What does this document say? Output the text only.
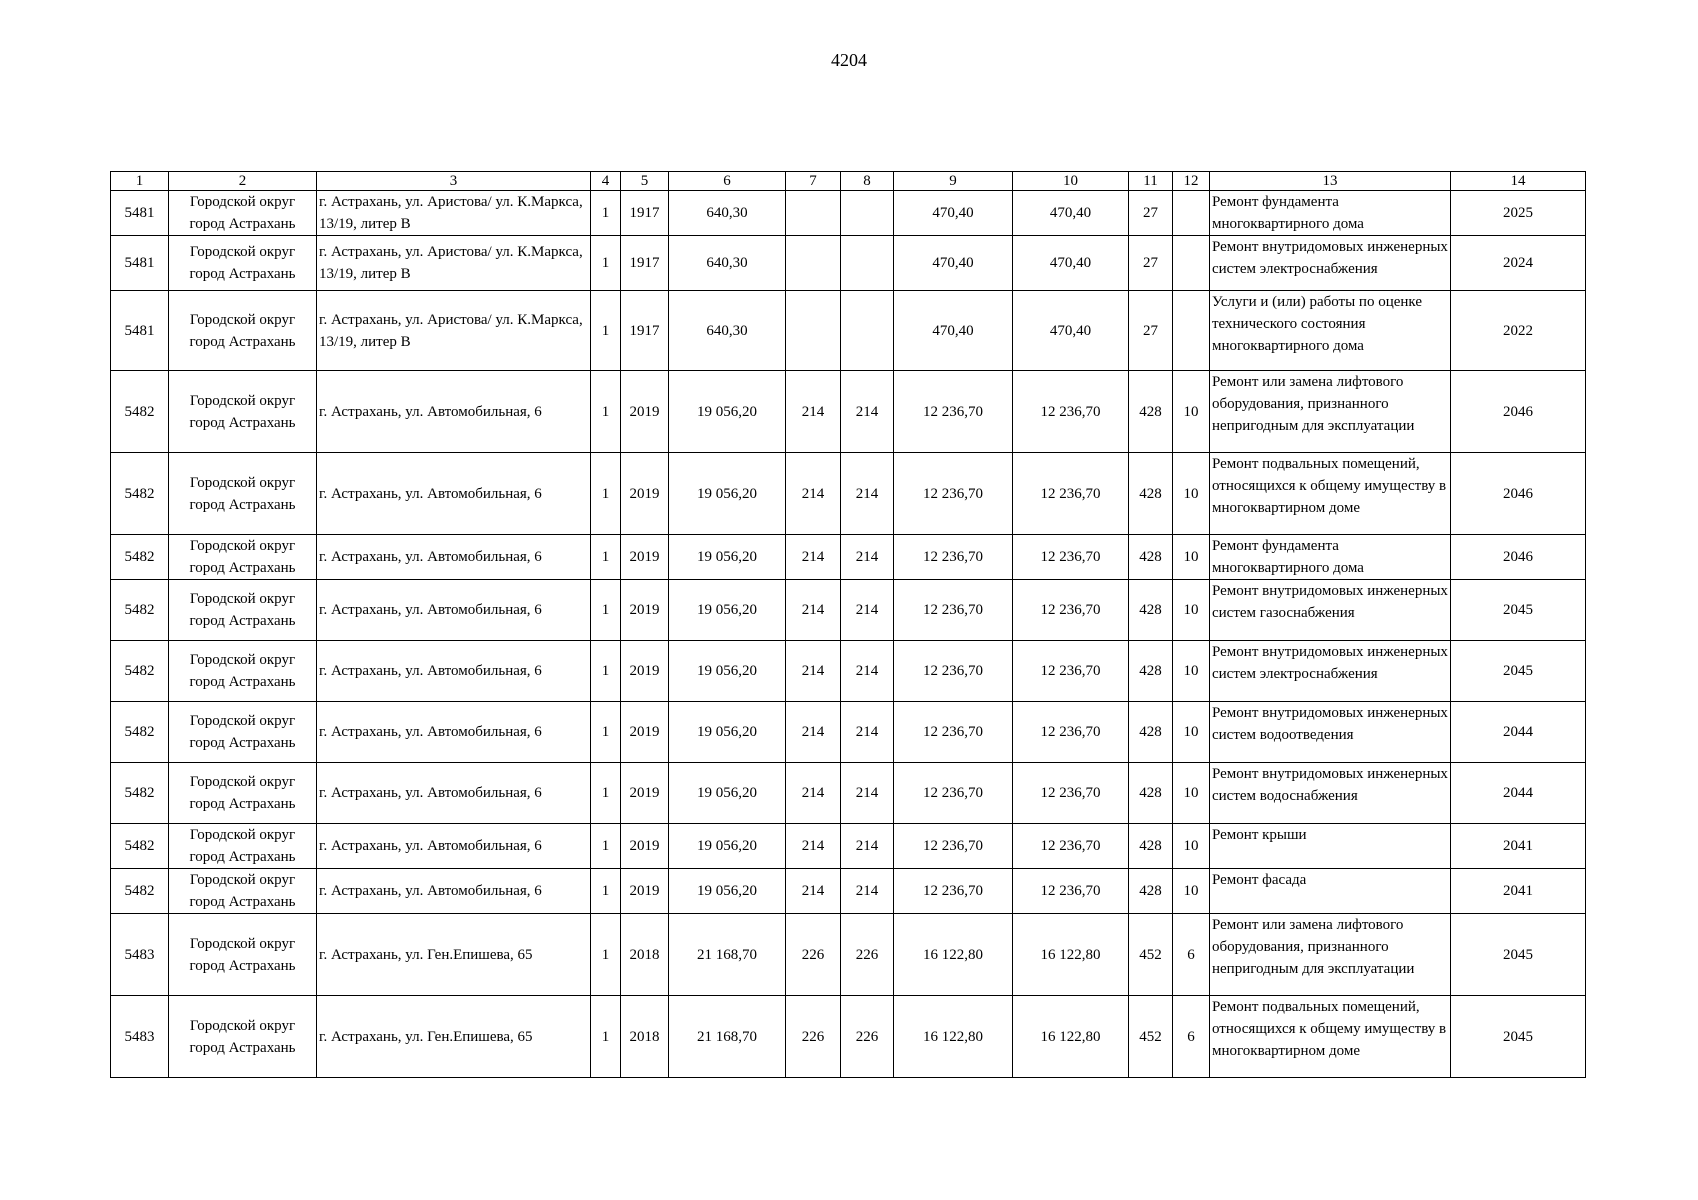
4204
1	2	3	4	5	6	7	8	9	10	11	12	13	14
5481	Городской округ город Астрахань	г. Астрахань, ул. Аристова/ ул. К.Маркса, 13/19, литер В	1	1917	640,30			470,40	470,40	27		Ремонт фундамента многоквартирного дома	2025
5481	Городской округ город Астрахань	г. Астрахань, ул. Аристова/ ул. К.Маркса, 13/19, литер В	1	1917	640,30			470,40	470,40	27		Ремонт внутридомовых инженерных систем электроснабжения	2024
5481	Городской округ город Астрахань	г. Астрахань, ул. Аристова/ ул. К.Маркса, 13/19, литер В	1	1917	640,30			470,40	470,40	27		Услуги и (или) работы по оценке технического состояния многоквартирного дома	2022
5482	Городской округ город Астрахань	г. Астрахань, ул. Автомобильная, 6	1	2019	19 056,20	214	214	12 236,70	12 236,70	428	10	Ремонт или замена лифтового оборудования, признанного непригодным для эксплуатации	2046
5482	Городской округ город Астрахань	г. Астрахань, ул. Автомобильная, 6	1	2019	19 056,20	214	214	12 236,70	12 236,70	428	10	Ремонт подвальных помещений, относящихся к общему имуществу в многоквартирном доме	2046
5482	Городской округ город Астрахань	г. Астрахань, ул. Автомобильная, 6	1	2019	19 056,20	214	214	12 236,70	12 236,70	428	10	Ремонт фундамента многоквартирного дома	2046
5482	Городской округ город Астрахань	г. Астрахань, ул. Автомобильная, 6	1	2019	19 056,20	214	214	12 236,70	12 236,70	428	10	Ремонт внутридомовых инженерных систем газоснабжения	2045
5482	Городской округ город Астрахань	г. Астрахань, ул. Автомобильная, 6	1	2019	19 056,20	214	214	12 236,70	12 236,70	428	10	Ремонт внутридомовых инженерных систем электроснабжения	2045
5482	Городской округ город Астрахань	г. Астрахань, ул. Автомобильная, 6	1	2019	19 056,20	214	214	12 236,70	12 236,70	428	10	Ремонт внутридомовых инженерных систем водоотведения	2044
5482	Городской округ город Астрахань	г. Астрахань, ул. Автомобильная, 6	1	2019	19 056,20	214	214	12 236,70	12 236,70	428	10	Ремонт внутридомовых инженерных систем водоснабжения	2044
5482	Городской округ город Астрахань	г. Астрахань, ул. Автомобильная, 6	1	2019	19 056,20	214	214	12 236,70	12 236,70	428	10	Ремонт крыши	2041
5482	Городской округ город Астрахань	г. Астрахань, ул. Автомобильная, 6	1	2019	19 056,20	214	214	12 236,70	12 236,70	428	10	Ремонт фасада	2041
5483	Городской округ город Астрахань	г. Астрахань, ул. Ген.Епишева, 65	1	2018	21 168,70	226	226	16 122,80	16 122,80	452	6	Ремонт или замена лифтового оборудования, признанного непригодным для эксплуатации	2045
5483	Городской округ город Астрахань	г. Астрахань, ул. Ген.Епишева, 65	1	2018	21 168,70	226	226	16 122,80	16 122,80	452	6	Ремонт подвальных помещений, относящихся к общему имуществу в многоквартирном доме	2045
